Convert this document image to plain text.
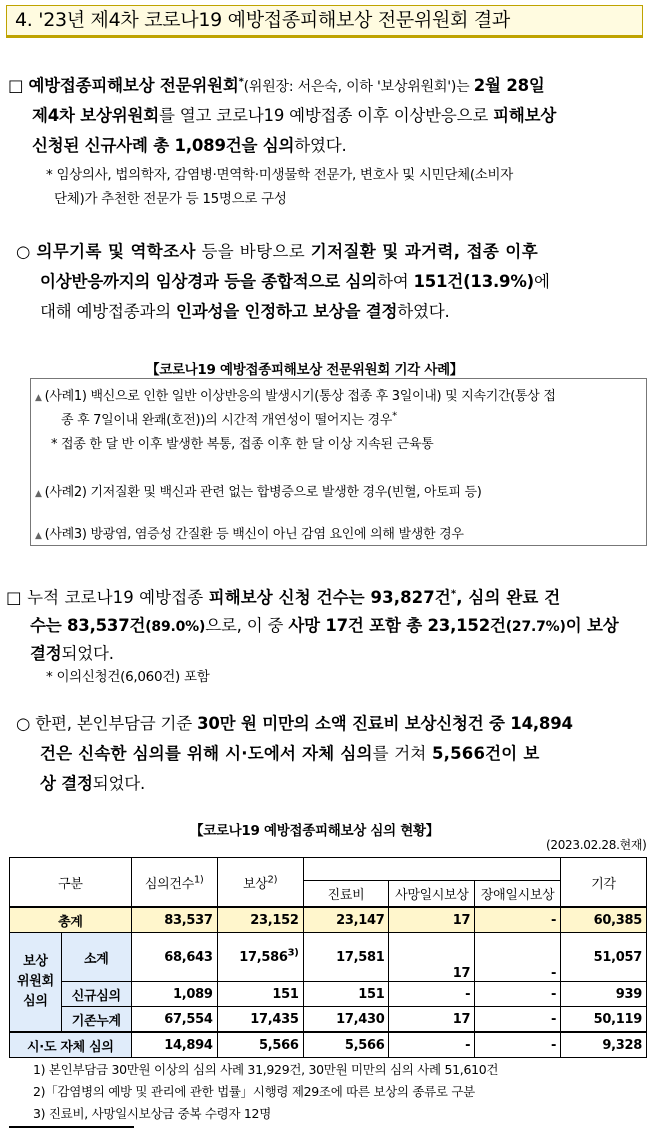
4. '23년 제4차 코로나19 예방접종피해보상 전문위원회 결과
□ 예방접종피해보상 전문위원회*(위원장: 서은숙, 이하 '보상위원회')는 2월 28일
제4차 보상위원회를 열고 코로나19 예방접종 이후 이상반응으로 피해보상
신청된 신규사례 총 1,089건을 심의하였다.
* 임상의사, 법의학자, 감염병·면역학·미생물학 전문가, 변호사 및 시민단체(소비자
단체)가 추천한 전문가 등 15명으로 구성
○ 의무기록 및 역학조사 등을 바탕으로 기저질환 및 과거력, 접종 이후
이상반응까지의 임상경과 등을 종합적으로 심의하여 151건(13.9%)에
대해 예방접종과의 인과성을 인정하고 보상을 결정하였다.
【코로나19 예방접종피해보상 전문위원회 기각 사례】
▲ (사례1) 백신으로 인한 일반 이상반응의 발생시기(통상 접종 후 3일이내) 및 지속기간(통상 접
종 후 7일이내 완쾌(호전))의 시간적 개연성이 떨어지는 경우*
* 접종 한 달 반 이후 발생한 복통, 접종 이후 한 달 이상 지속된 근육통
▲ (사례2) 기저질환 및 백신과 관련 없는 합병증으로 발생한 경우(빈혈, 아토피 등)
▲ (사례3) 방광염, 염증성 간질환 등 백신이 아닌 감염 요인에 의해 발생한 경우
□ 누적 코로나19 예방접종 피해보상 신청 건수는 93,827건*, 심의 완료 건
수는 83,537건(89.0%)으로, 이 중 사망 17건 포함 총 23,152건(27.7%)이 보상
결정되었다.
* 이의신청건(6,060건) 포함
○ 한편, 본인부담금 기준 30만 원 미만의 소액 진료비 보상신청건 중 14,894
건은 신속한 심의를 위해 시·도에서 자체 심의를 거쳐 5,566건이 보
상 결정되었다.
【코로나19 예방접종피해보상 심의 현황】
(2023.02.28.현재)
구분		심의건수$^{1)}$	보상$^{2)}$				기각
				진료비	사망일시보상	장애일시보상	
총계		83,537	23,152	23,147	17	-	60,385

보상
위원회
심의	소계	68,643	17,586$^{3)}$	17,581	17	-	51,057
	신규심의	1,089	151	151	-	-	939
	기존누계	67,554	17,435	17,430	17	-	50,119
시·도 자체 심의		14,894	5,566	5,566	-	-	9,328
1) 본인부담금 30만원 이상의 심의 사례 31,929건, 30만원 미만의 심의 사례 51,610건
2)「감염병의 예방 및 관리에 관한 법률」시행령 제29조에 따른 보상의 종류로 구분
3) 진료비, 사망일시보상금 중복 수령자 12명
